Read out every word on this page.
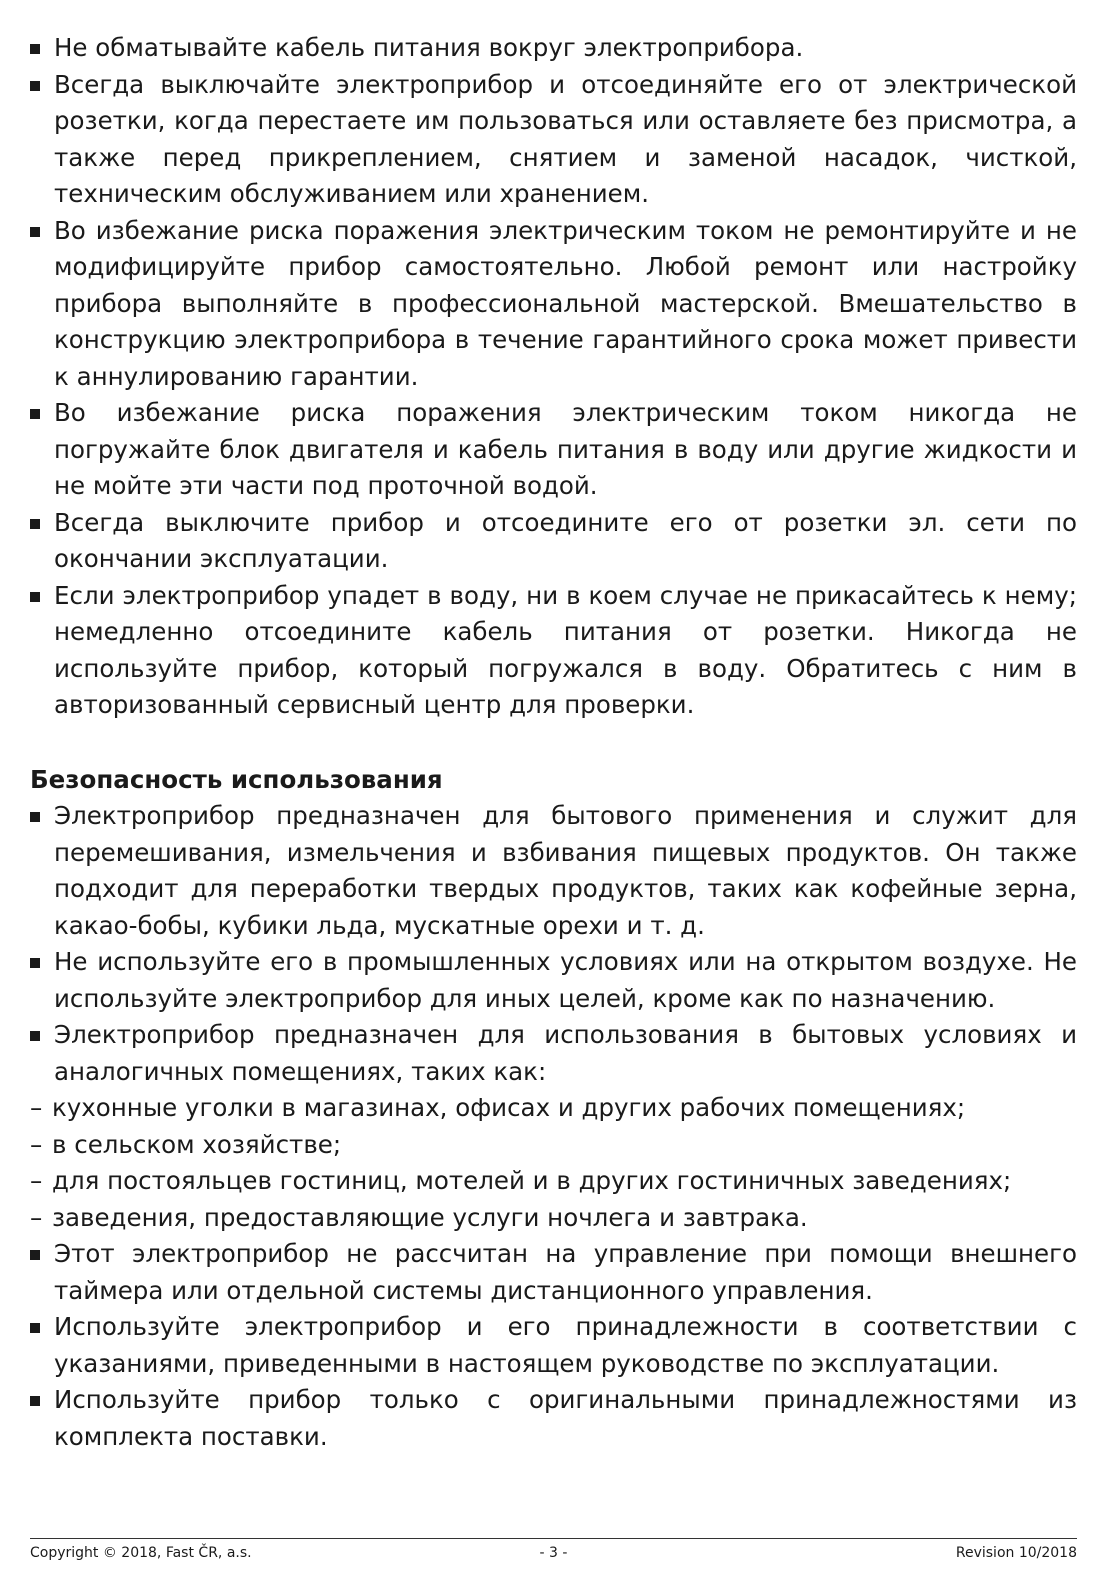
Не обматывайте кабель питания вокруг электроприбора.
Всегда выключайте электроприбор и отсоединяйте его от электрической розетки, когда перестаете им пользоваться или оставляете без присмотра, а также перед прикреплением, снятием и заменой насадок, чисткой, техническим обслуживанием или хранением.
Во избежание риска поражения электрическим током не ремонтируйте и не модифицируйте прибор самостоятельно. Любой ремонт или настройку прибора выполняйте в профессиональной мастерской. Вмешательство в конструкцию электроприбора в течение гарантийного срока может привести к аннулированию гарантии.
Во избежание риска поражения электрическим током никогда не погружайте блок двигателя и кабель питания в воду или другие жидкости и не мойте эти части под проточной водой.
Всегда выключите прибор и отсоедините его от розетки эл. сети по окончании эксплуатации.
Если электроприбор упадет в воду, ни в коем случае не прикасайтесь к нему; немедленно отсоедините кабель питания от розетки. Никогда не используйте прибор, который погружался в воду. Обратитесь с ним в авторизованный сервисный центр для проверки.
Безопасность использования
Электроприбор предназначен для бытового применения и служит для перемешивания, измельчения и взбивания пищевых продуктов. Он также подходит для переработки твердых продуктов, таких как кофейные зерна, какао-бобы, кубики льда, мускатные орехи и т. д.
Не используйте его в промышленных условиях или на открытом воздухе. Не используйте электроприбор для иных целей, кроме как по назначению.
Электроприбор предназначен для использования в бытовых условиях и аналогичных помещениях, таких как:
– кухонные уголки в магазинах, офисах и других рабочих помещениях;
– в сельском хозяйстве;
– для постояльцев гостиниц, мотелей и в других гостиничных заведениях;
– заведения, предоставляющие услуги ночлега и завтрака.
Этот электроприбор не рассчитан на управление при помощи внешнего таймера или отдельной системы дистанционного управления.
Используйте электроприбор и его принадлежности в соответствии с указаниями, приведенными в настоящем руководстве по эксплуатации.
Используйте прибор только с оригинальными принадлежностями из комплекта поставки.
Copyright © 2018, Fast ČR, a.s.	- 3 -	Revision 10/2018
